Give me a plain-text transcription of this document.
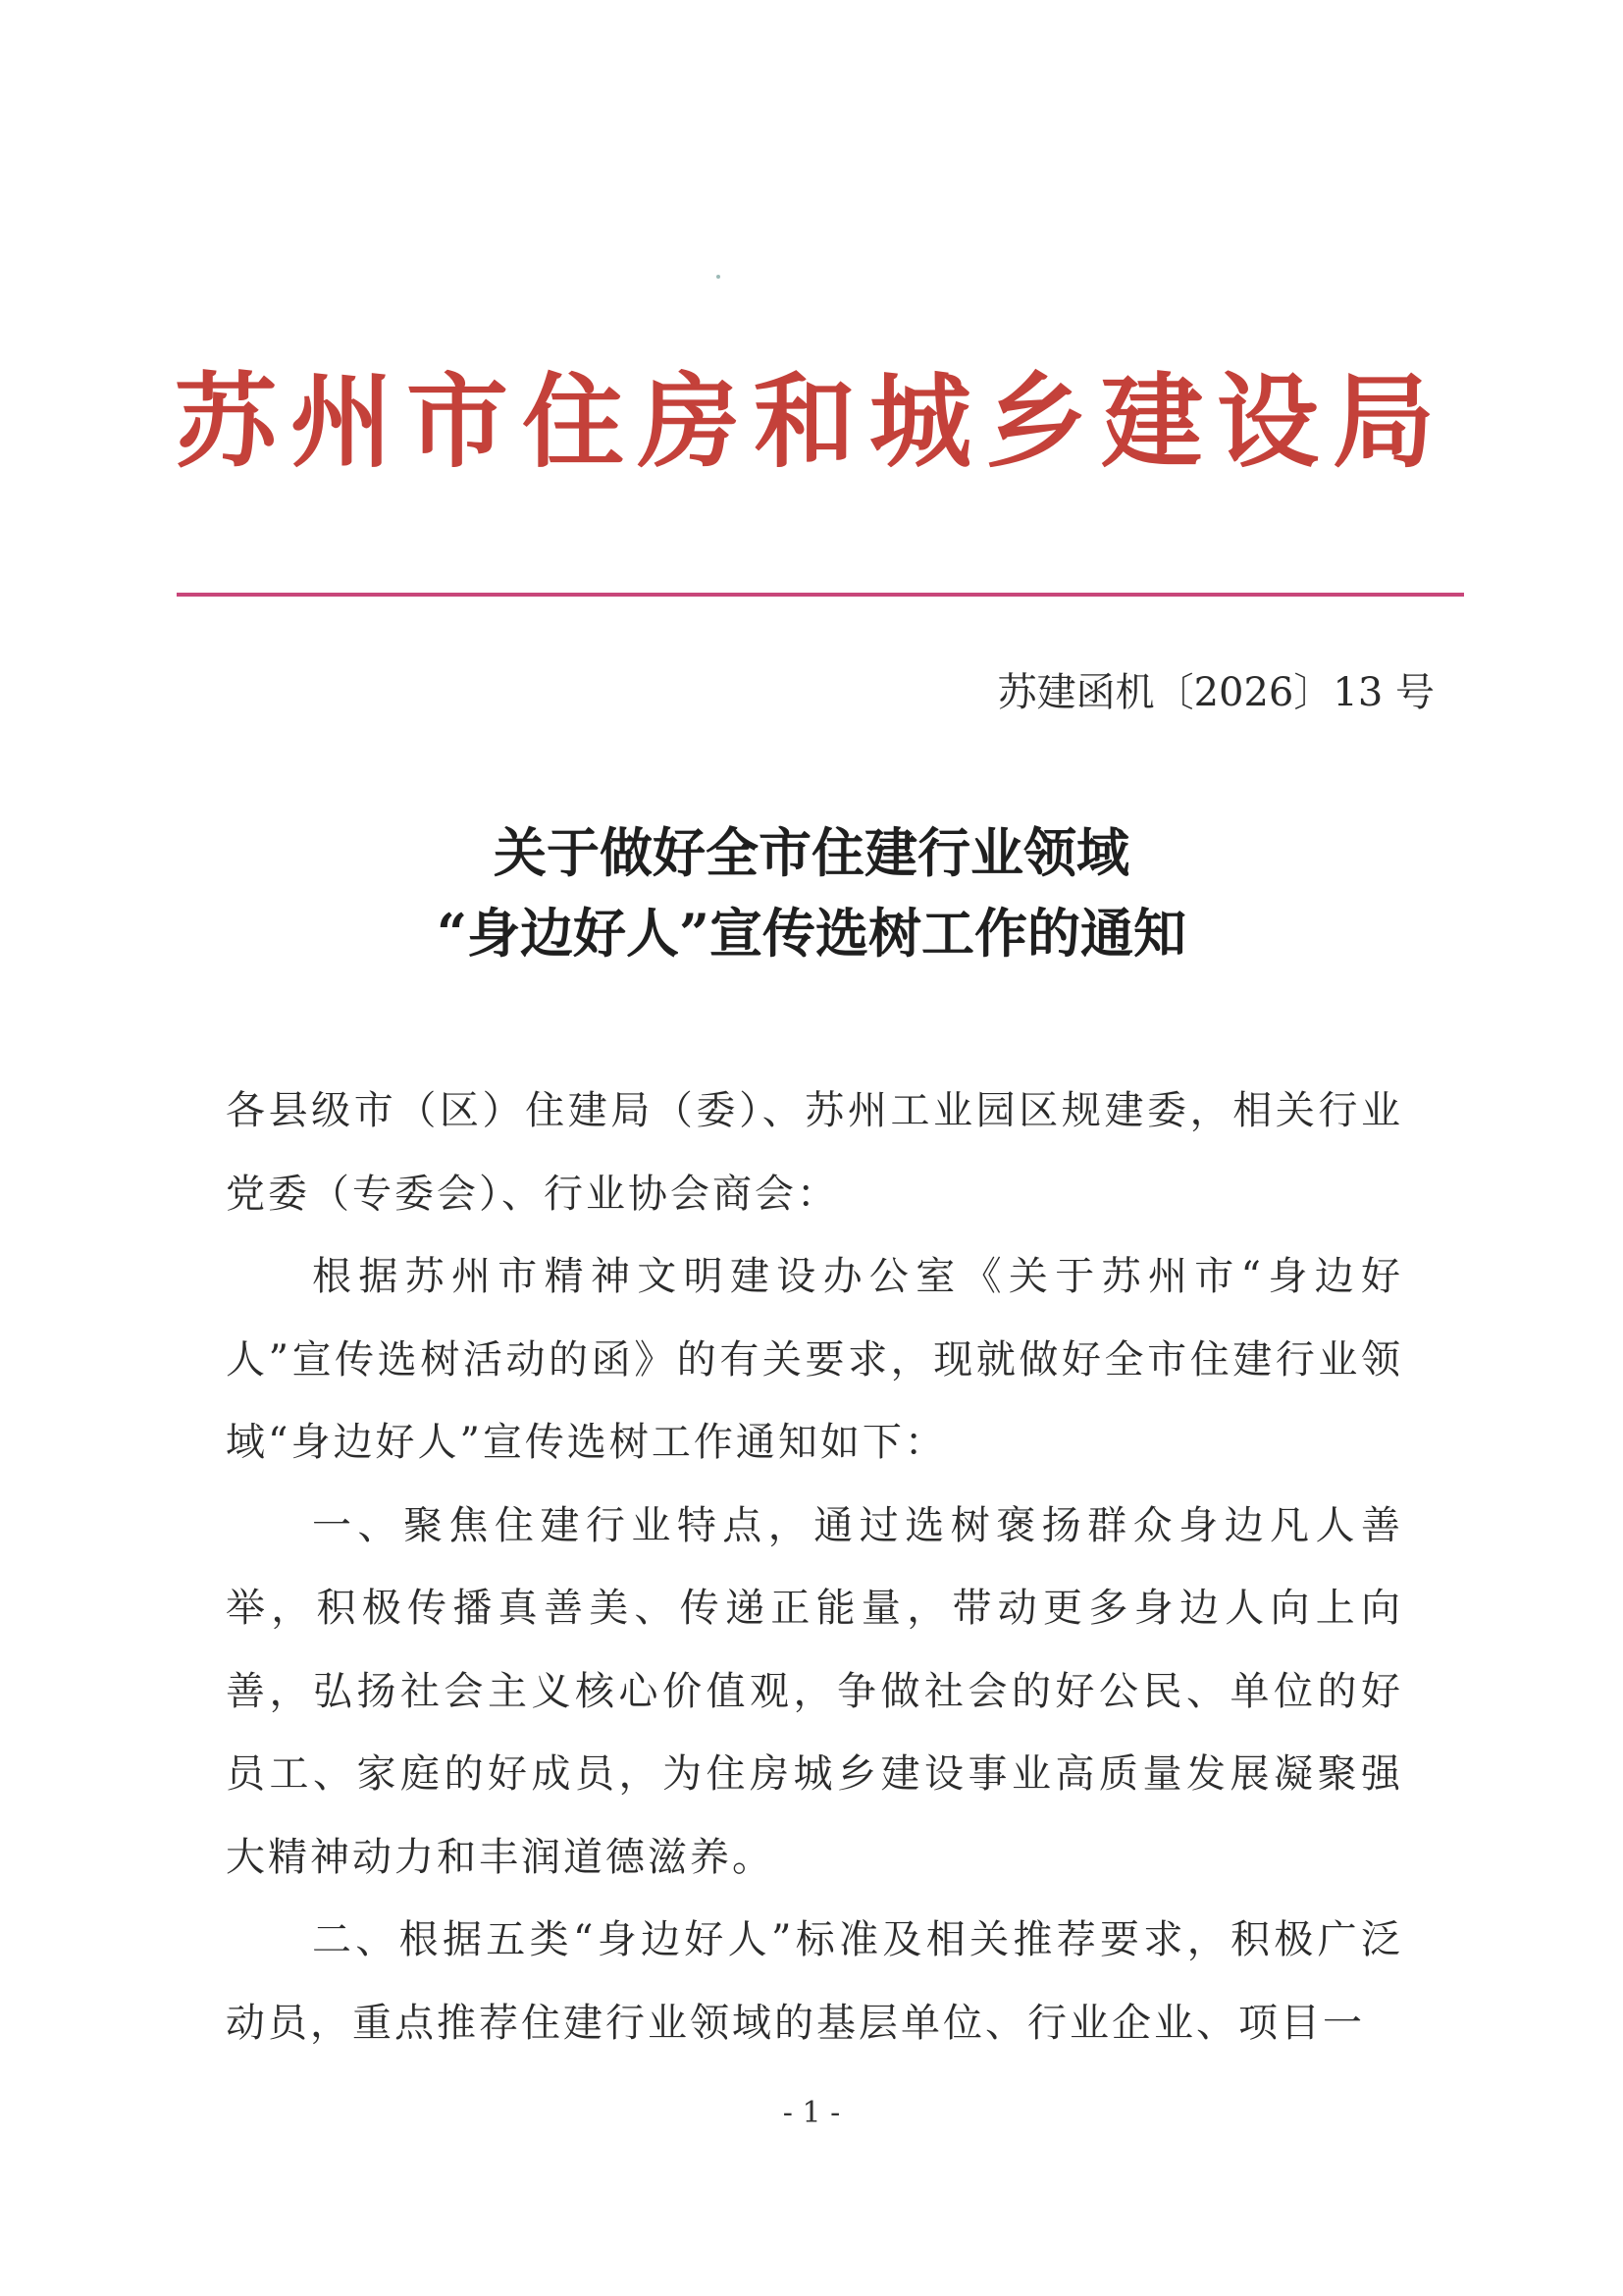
苏州市住房和城乡建设局
苏建函机〔2026〕13 号
关于做好全市住建行业领域
“身边好人”宣传选树工作的通知

各县级市（区）住建局（委）、苏州工业园区规建委，相关行业党委（专委会）、行业协会商会：

根据苏州市精神文明建设办公室《关于苏州市“身边好人”宣传选树活动的函》的有关要求，现就做好全市住建行业领域“身边好人”宣传选树工作通知如下：

一、聚焦住建行业特点，通过选树褒扬群众身边凡人善举，积极传播真善美、传递正能量，带动更多身边人向上向善，弘扬社会主义核心价值观，争做社会的好公民、单位的好员工、家庭的好成员，为住房城乡建设事业高质量发展凝聚强大精神动力和丰润道德滋养。

二、根据五类“身边好人”标准及相关推荐要求，积极广泛动员，重点推荐住建行业领域的基层单位、行业企业、项目一

- 1 -
